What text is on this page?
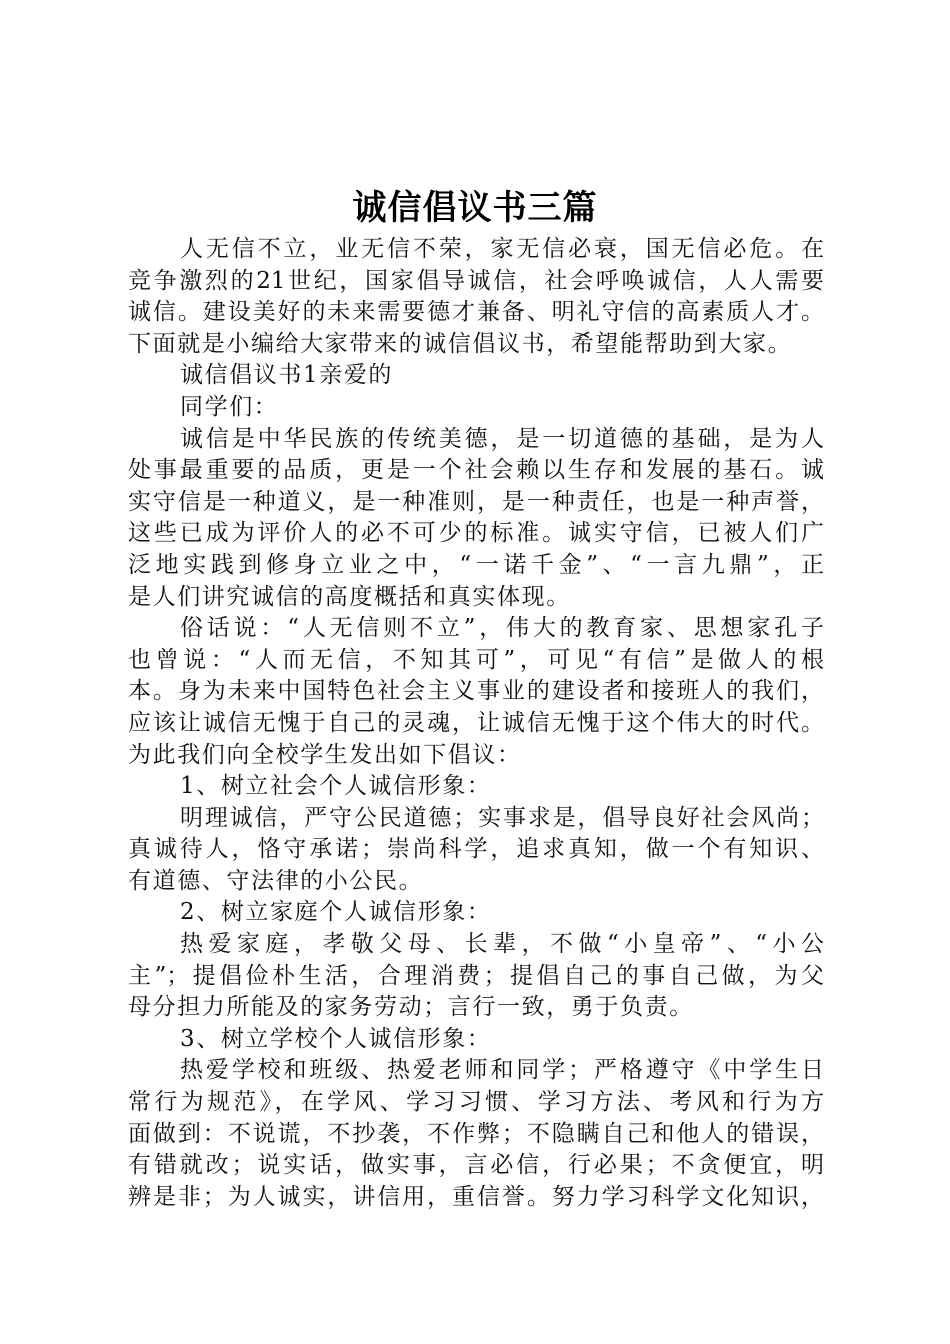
诚信倡议书三篇
人无信不立，业无信不荣，家无信必衰，国无信必危。在
竞争激烈的21世纪，国家倡导诚信，社会呼唤诚信，人人需要
诚信。建设美好的未来需要德才兼备、明礼守信的高素质人才。
下面就是小编给大家带来的诚信倡议书，希望能帮助到大家。
诚信倡议书1亲爱的
同学们：
诚信是中华民族的传统美德，是一切道德的基础，是为人
处事最重要的品质，更是一个社会赖以生存和发展的基石。诚
实守信是一种道义，是一种准则，是一种责任，也是一种声誉，
这些已成为评价人的必不可少的标准。诚实守信，已被人们广
泛地实践到修身立业之中，“一诺千金”、“一言九鼎”，正
是人们讲究诚信的高度概括和真实体现。
俗话说：“人无信则不立”，伟大的教育家、思想家孔子
也曾说：“人而无信，不知其可”，可见“有信”是做人的根
本。身为未来中国特色社会主义事业的建设者和接班人的我们，
应该让诚信无愧于自己的灵魂，让诚信无愧于这个伟大的时代。
为此我们向全校学生发出如下倡议：
1、树立社会个人诚信形象：
明理诚信，严守公民道德；实事求是，倡导良好社会风尚；
真诚待人，恪守承诺；崇尚科学，追求真知，做一个有知识、
有道德、守法律的小公民。
2、树立家庭个人诚信形象：
热爱家庭，孝敬父母、长辈，不做“小皇帝”、“小公
主”；提倡俭朴生活，合理消费；提倡自己的事自己做，为父
母分担力所能及的家务劳动；言行一致，勇于负责。
3、树立学校个人诚信形象：
热爱学校和班级、热爱老师和同学；严格遵守《中学生日
常行为规范》，在学风、学习习惯、学习方法、考风和行为方
面做到：不说谎，不抄袭，不作弊；不隐瞒自己和他人的错误，
有错就改；说实话，做实事，言必信，行必果；不贪便宜，明
辨是非；为人诚实，讲信用，重信誉。努力学习科学文化知识，
